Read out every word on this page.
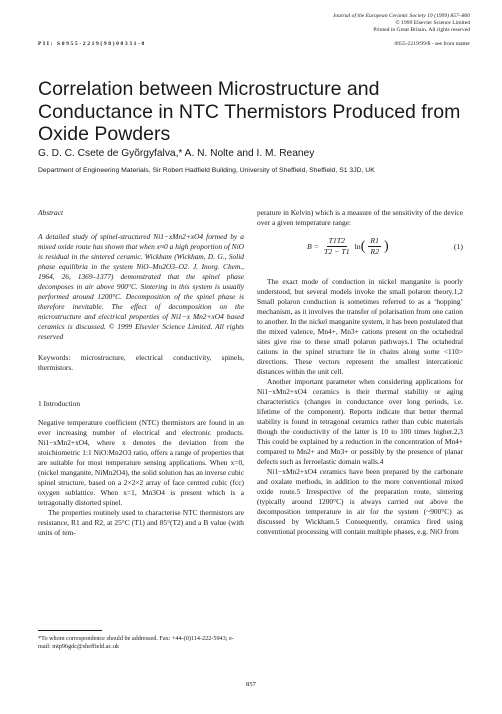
Journal of the European Ceramic Society 19 (1999) 857–860
© 1999 Elsevier Science Limited
Printed in Great Britain. All rights reserved
PII: S0955-2219(98)00331-8	0955-2219/99/$ - see front matter
Correlation between Microstructure and Conductance in NTC Thermistors Produced from Oxide Powders
G. D. C. Csete de Gyõrgyfalva,* A. N. Nolte and I. M. Reaney
Department of Engineering Materials, Sir Robert Hadfield Building, University of Sheffield, Sheffield, S1 3JD, UK

Abstract

A detailed study of spinel-structured Ni1−xMn2+xO4 formed by a mixed oxide route has shown that when x≈0 a high proportion of NiO is residual in the sintered ceramic. Wickham (Wickham, D. G., Solid phase equilibria in the system NiO–Mn2O3–O2. J. Inorg. Chem., 1964, 26, 1369–1377) demonstrated that the spinel phase decomposes in air above 900°C. Sintering in this system is usually performed around 1200°C. Decomposition of the spinel phase is therefore inevitable. The effect of decomposition on the microstructure and electrical properties of Ni1−x Mn2+xO4 based ceramics is discussed. © 1999 Elsevier Science Limited. All rights reserved

Keywords: microstructure, electrical conductivity, spinels, thermistors.

1 Introduction

Negative temperature coefficient (NTC) thermistors are found in an ever increasing number of electrical and electronic products. Ni1−xMn2+xO4, where x denotes the deviation from the stoichiometric 1:1 NiO:Mn2O3 ratio, offers a range of properties that are suitable for most temperature sensing applications. When x=0, (nickel manganite, NiMn2O4), the solid solution has an inverse cubic spinel structure, based on a 2×2×2 array of face centred cubic (fcc) oxygen sublattice. When x=1, Mn3O4 is present which is a tetragonally distorted spinel.

The properties routinely used to characterise NTC thermistors are resistance, R1 and R2, at 25°C (T1) and 85°(T2) and a B value (with units of tem-

perature in Kelvin) which is a measure of the sensitivity of the device over a given temperature range:

$B = \frac{T1T2}{T2 - T1}$ ln ( $\frac{R1}{R2}$ )	(1)

The exact mode of conduction in nickel manganite is poorly understood, but several models invoke the small polaron theory.1,2 Small polaron conduction is sometimes referred to as a ‘hopping’ mechanism, as it involves the transfer of polarisation from one cation to another. In the nickel manganite system, it has been postulated that the mixed valence, Mn4+, Mn3+ cations present on the octahedral sites give rise to these small polaron pathways.1 The octahedral cations in the spinel structure lie in chains along some <110> directions. These vectors represent the smallest intercationic distances within the unit cell.

Another important parameter when considering applications for Ni1−xMn2+xO4 ceramics is their thermal stability or aging characteristics (changes in conductance over long periods, i.e. lifetime of the component). Reports indicate that better thermal stability is found in tetragonal ceramics rather than cubic materials though the conductivity of the latter is 10 to 100 times higher.2,3 This could be explained by a reduction in the concentration of Mn4+ compared to Mn2+ and Mn3+ or possibly by the presence of planar defects such as ferroelastic domain walls.4

Ni1−xMn2+xO4 ceramics have been prepared by the carbonate and oxalate methods, in addition to the more conventional mixed oxide route.5 Irrespective of the preparation route, sintering (typically around 1200°C) is always carried out above the decomposition temperature in air for the system (~900°C) as discussed by Wickham.5 Consequently, ceramics fired using conventional processing will contain multiple phases, e.g. NiO from

*To whom correspondence should be addressed. Fax: +44-(0)114-222-5943; e-mail: mtp96gdc@sheffield.ac.uk
857
